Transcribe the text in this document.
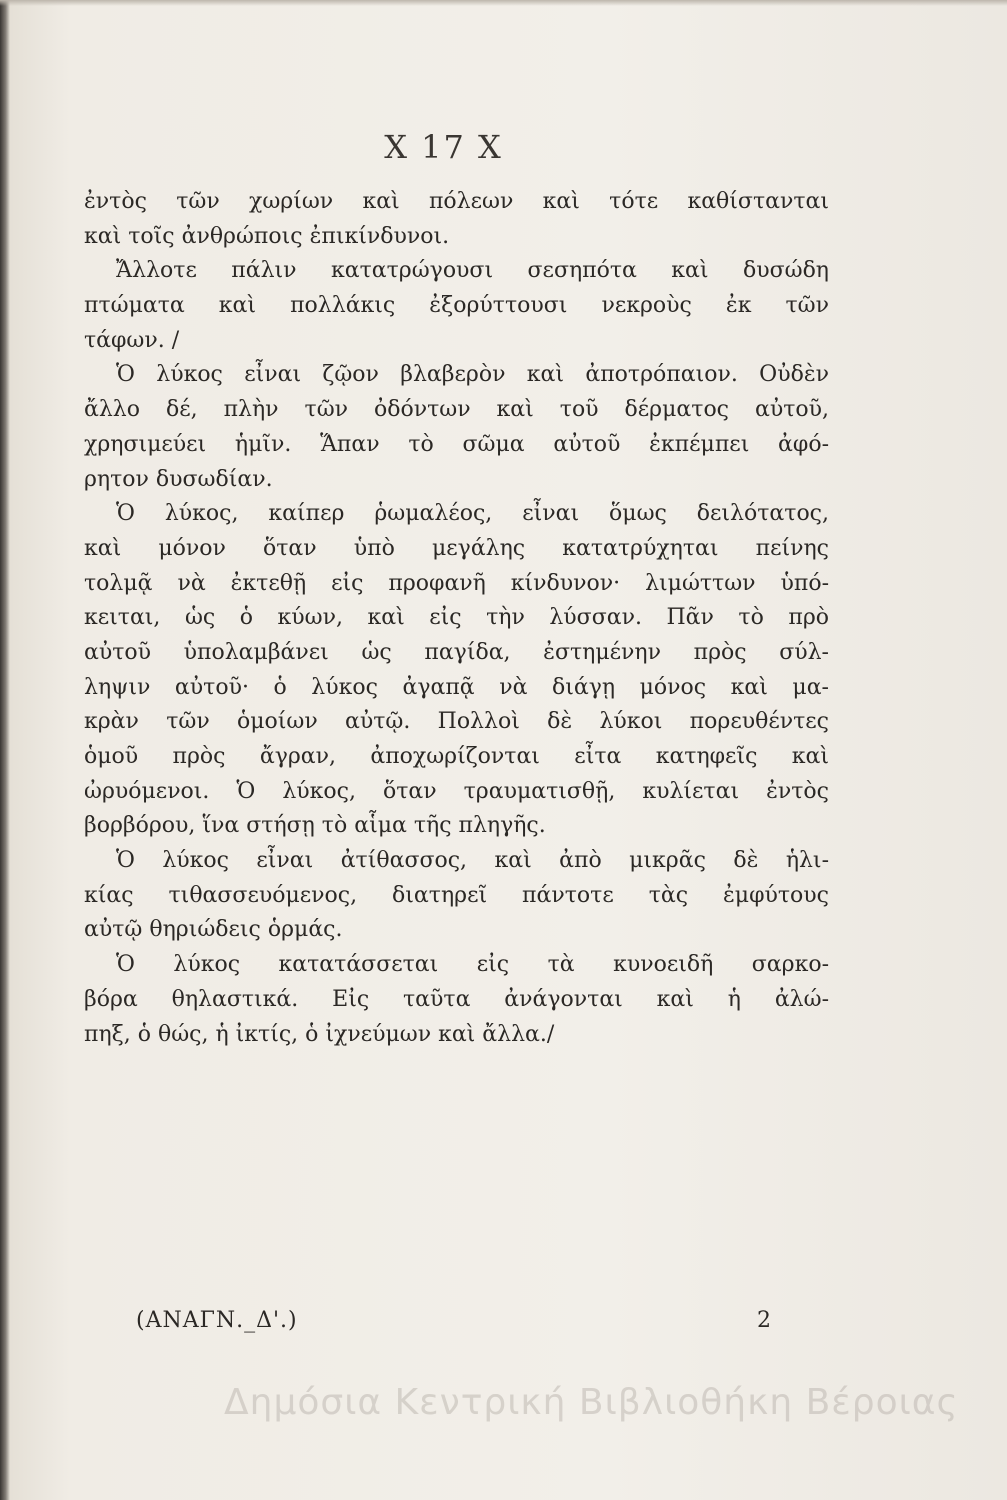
Χ 17 Χ
ἐντὸς τῶν χωρίων καὶ πόλεων καὶ τότε καθίστανται
καὶ τοῖς ἀνθρώποις ἐπικίνδυνοι.
Ἄλλοτε πάλιν κατατρώγουσι σεσηπότα καὶ δυσώδη
πτώματα καὶ πολλάκις ἐξορύττουσι νεκροὺς ἐκ τῶν
τάφων. /
Ὁ λύκος εἶναι ζῷον βλαβερὸν καὶ ἀποτρόπαιον. Οὐδὲν
ἄλλο δέ, πλὴν τῶν ὀδόντων καὶ τοῦ δέρματος αὐτοῦ,
χρησιμεύει ἡμῖν. Ἅπαν τὸ σῶμα αὐτοῦ ἐκπέμπει ἀφό-
ρητον δυσωδίαν.
Ὁ λύκος, καίπερ ῥωμαλέος, εἶναι ὅμως δειλότατος,
καὶ μόνον ὅταν ὑπὸ μεγάλης κατατρύχηται πείνης
τολμᾷ νὰ ἐκτεθῇ εἰς προφανῆ κίνδυνον· λιμώττων ὑπό-
κειται, ὡς ὁ κύων, καὶ εἰς τὴν λύσσαν. Πᾶν τὸ πρὸ
αὐτοῦ ὑπολαμβάνει ὡς παγίδα, ἐστημένην πρὸς σύλ-
ληψιν αὐτοῦ· ὁ λύκος ἀγαπᾷ νὰ διάγῃ μόνος καὶ μα-
κρὰν τῶν ὁμοίων αὐτῷ. Πολλοὶ δὲ λύκοι πορευθέντες
ὁμοῦ πρὸς ἄγραν, ἀποχωρίζονται εἶτα κατηφεῖς καὶ
ὠρυόμενοι. Ὁ λύκος, ὅταν τραυματισθῇ, κυλίεται ἐντὸς
βορβόρου, ἵνα στήσῃ τὸ αἷμα τῆς πληγῆς.
Ὁ λύκος εἶναι ἀτίθασσος, καὶ ἀπὸ μικρᾶς δὲ ἡλι-
κίας τιθασσευόμενος, διατηρεῖ πάντοτε τὰς ἐμφύτους
αὐτῷ θηριώδεις ὁρμάς.
Ὁ λύκος κατατάσσεται εἰς τὰ κυνοειδῆ σαρκο-
βόρα θηλαστικά. Εἰς ταῦτα ἀνάγονται καὶ ἡ ἀλώ-
πηξ, ὁ θώς, ἡ ἰκτίς, ὁ ἰχνεύμων καὶ ἄλλα./
(ΑΝΑΓΝ._Δ'.)	2
Δημόσια Κεντρική Βιβλιοθήκη Βέροιας
